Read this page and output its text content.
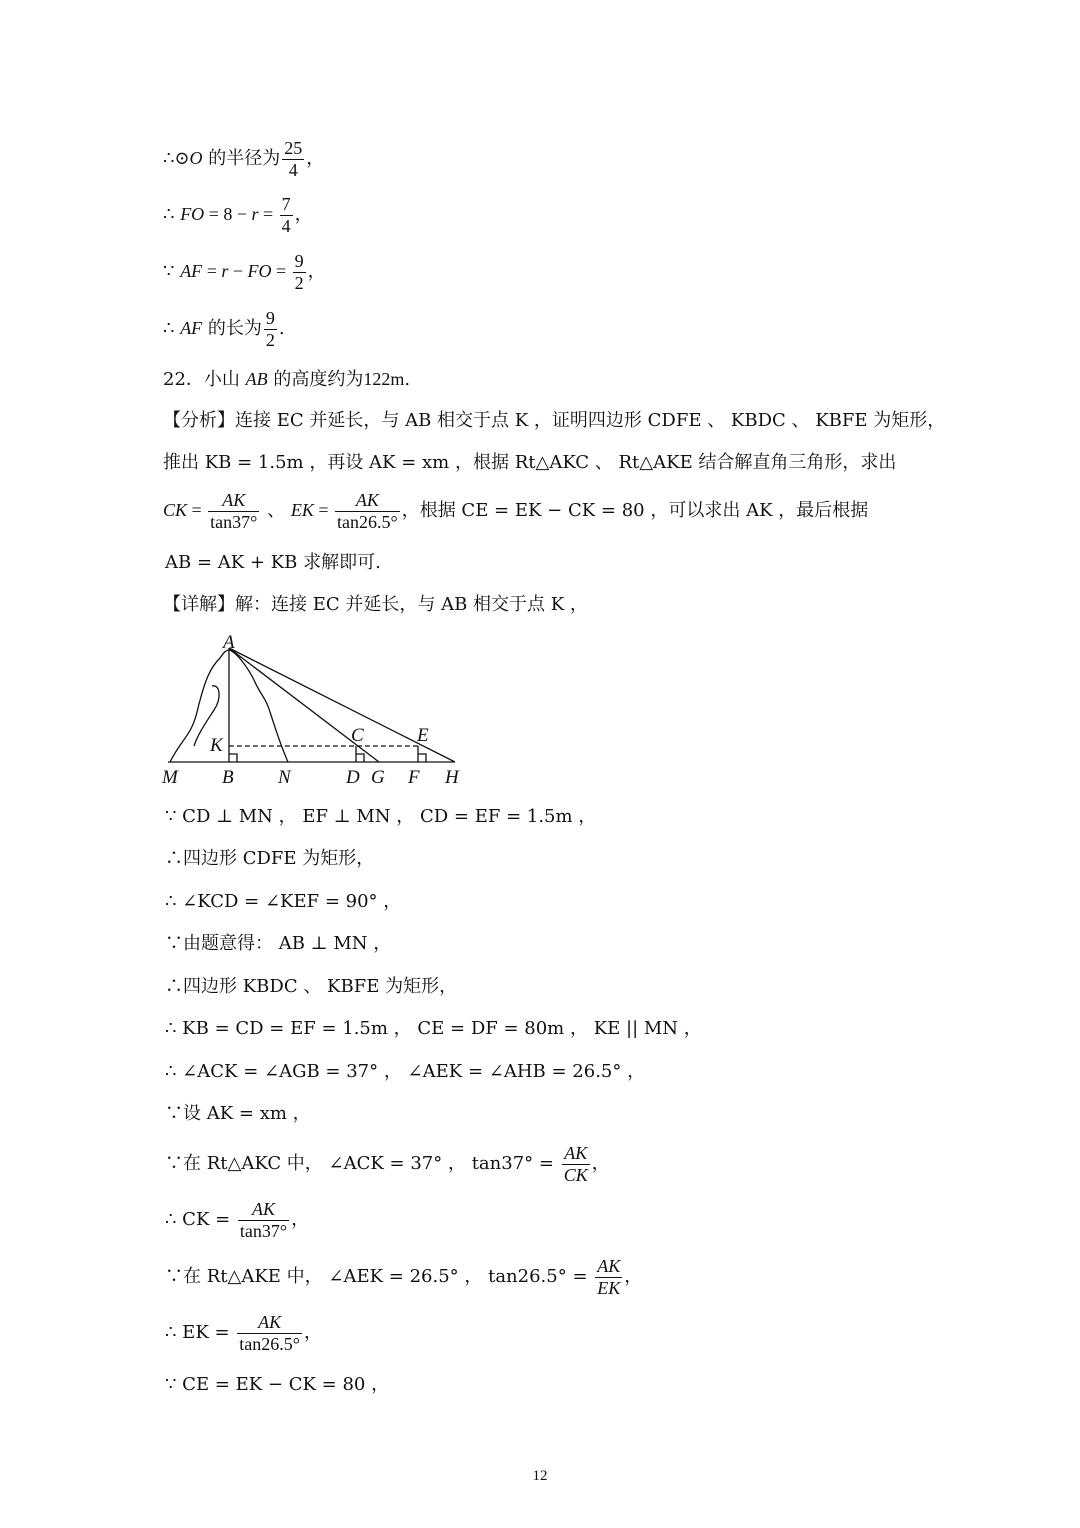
∴⊙O 的半径为 $\frac{25}{4}$ ，
∴ FO = $8 - r = \frac{7}{4}$ ，
∵ AF = r − FO = $\frac{9}{2}$ ，
∴ AF 的长为 $\frac{9}{2}$ .
22．小山 AB 的高度约为122m.
【分析】连接 EC 并延长，与 AB 相交于点 K ，证明四边形 CDFE 、 KBDC 、 KBFE 为矩形，
推出 KB = 1.5m ，再设 AK = xm ，根据 Rt△AKC 、 Rt△AKE 结合解直角三角形，求出
CK = $\frac{AK}{\tan 37^\circ}$ 、 EK = $\frac{AK}{\tan 26.5^\circ}$ ，根据 CE = EK − CK = 80 ，可以求出 AK ，最后根据
AB = AK + KB 求解即可.
【详解】解：连接 EC 并延长，与 AB 相交于点 K ，
A
K	C	E
M B N	D G F H
∵ CD ⊥ MN ， EF ⊥ MN ， CD = EF = 1.5m ，
∴四边形 CDFE 为矩形，
∴ ∠KCD = ∠KEF = 90° ，
∵由题意得： AB ⊥ MN ，
∴四边形 KBDC 、 KBFE 为矩形，
∴ KB = CD = EF = 1.5m ， CE = DF = 80m ， KE || MN ，
∴ ∠ACK = ∠AGB = 37° ， ∠AEK = ∠AHB = 26.5° ，
∵设 AK = xm ，
∵在 Rt△AKC 中， ∠ACK = 37° ， $\tan 37^\circ = \frac{AK}{CK}$ ，
∴ CK = $\frac{AK}{\tan 37^\circ}$ ，
∵在 Rt△AKE 中， ∠AEK = 26.5° ， $\tan 26.5^\circ = \frac{AK}{EK}$ ，
∴ EK = $\frac{AK}{\tan 26.5^\circ}$ ，
∵ CE = EK − CK = 80 ，
12
